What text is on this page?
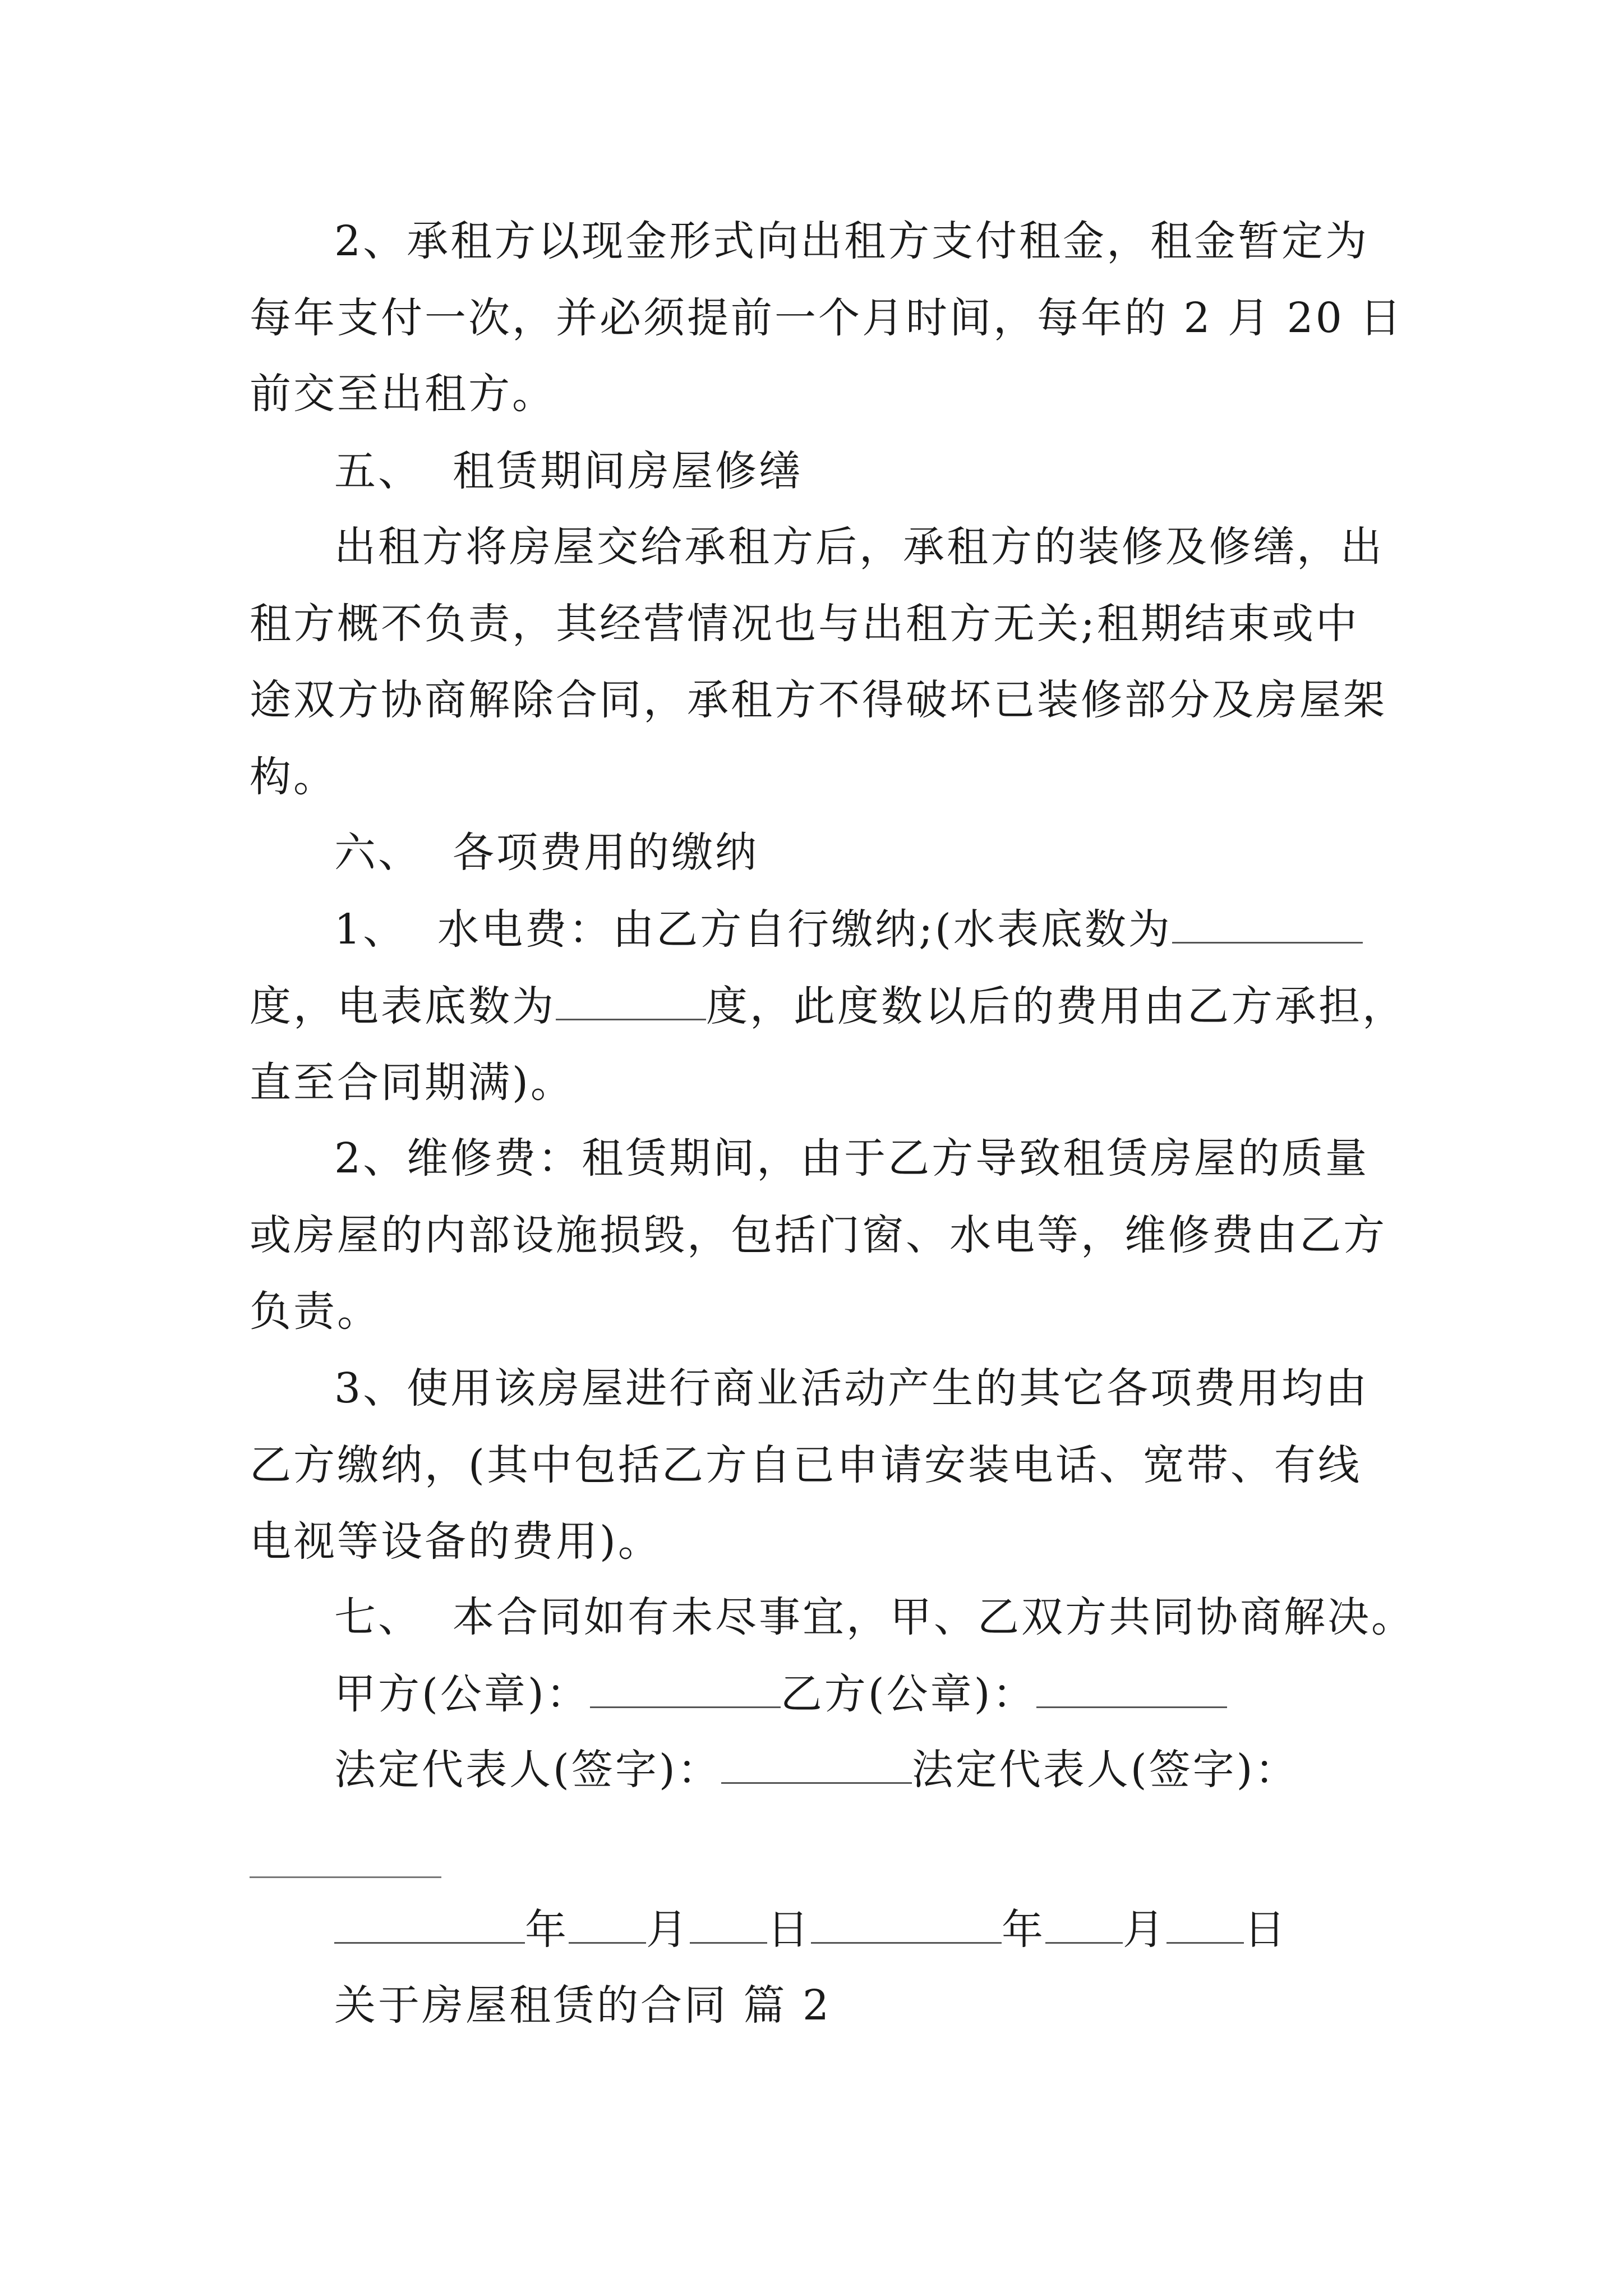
2、承租方以现金形式向出租方支付租金，租金暂定为
每年支付一次，并必须提前一个月时间，每年的 2 月 20 日
前交至出租方。
五、  租赁期间房屋修缮
出租方将房屋交给承租方后，承租方的装修及修缮，出
租方概不负责，其经营情况也与出租方无关;租期结束或中
途双方协商解除合同，承租方不得破坏已装修部分及房屋架
构。
六、  各项费用的缴纳
1、  水电费：由乙方自行缴纳;(水表底数为
度，电表底数为	度，此度数以后的费用由乙方承担，
直至合同期满)。
2、维修费：租赁期间，由于乙方导致租赁房屋的质量
或房屋的内部设施损毁，包括门窗、水电等，维修费由乙方
负责。
3、使用该房屋进行商业活动产生的其它各项费用均由
乙方缴纳，(其中包括乙方自已申请安装电话、宽带、有线
电视等设备的费用)。
七、  本合同如有未尽事宜，甲、乙双方共同协商解决。
甲方(公章)：	乙方(公章)：
法定代表人(签字)：	法定代表人(签字)：
年 月 日	年 月 日
关于房屋租赁的合同 篇 2
